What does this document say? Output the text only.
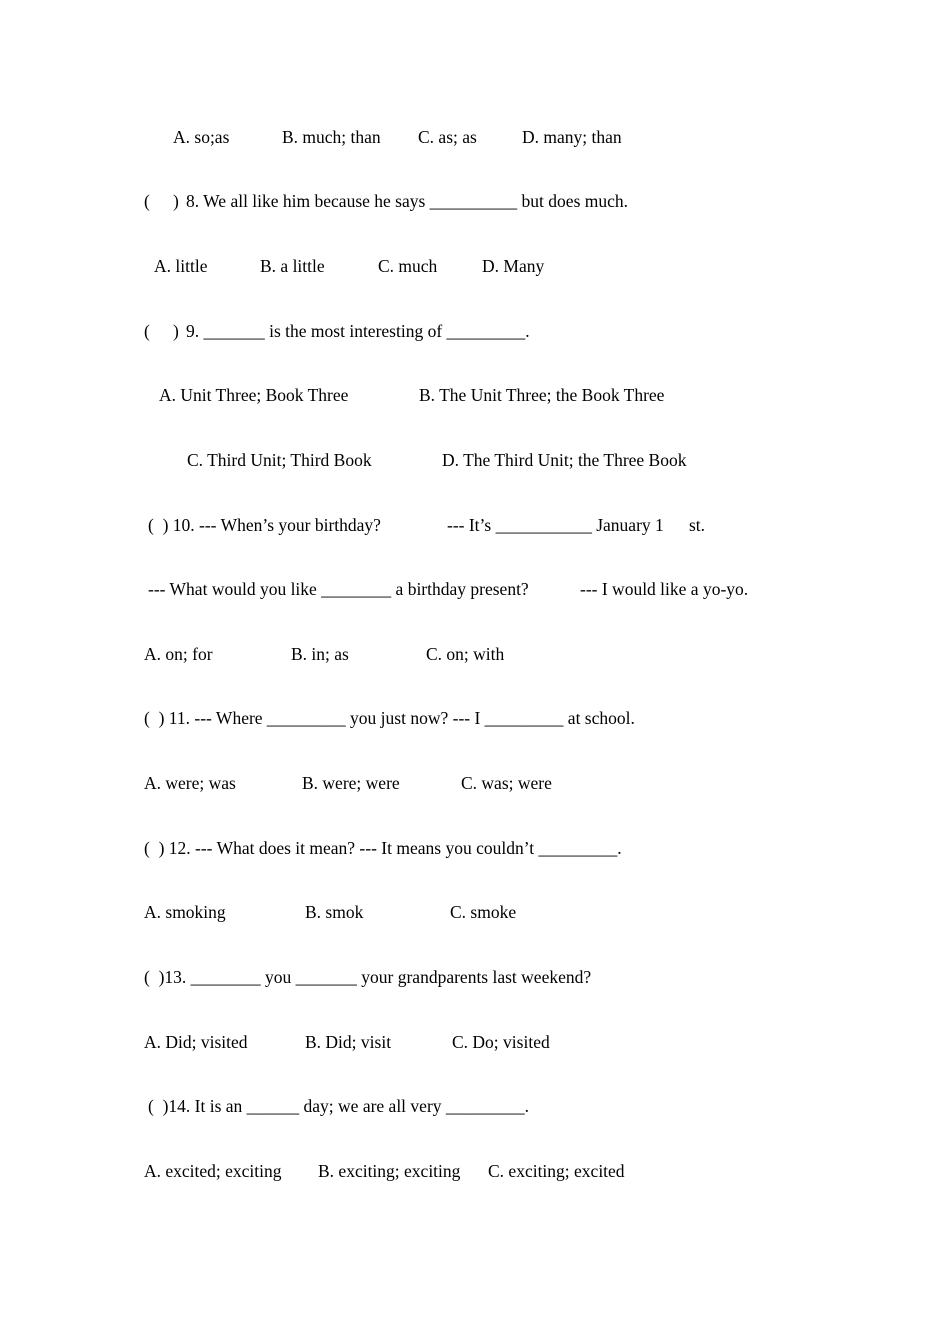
A. so;as

	B. much; than

C. as; as

	D. many; than

(

)

8. We all like him because he says __________ but does much.

A. little

	B. a little

	C. much

	D. Many

(

)

9. _______ is the most interesting of _________.

A. Unit Three; Book Three

	B. The Unit Three; the Book Three

C. Third Unit; Third Book

	D. The Third Unit; the Three Book

(  ) 10. --- When’s your birthday?

	--- It’s ___________ January 1

st.

--- What would you like ________ a birthday present?

	--- I would like a yo-yo.

A. on; for

	B. in; as

	C. on; with

(  ) 11. --- Where _________ you just now? --- I _________ at school.

A. were; was

	B. were; were

	C. was; were

(  ) 12. --- What does it mean? --- It means you couldn’t _________.

A. smoking

	B. smok

	C. smoke

(  )13. ________ you _______ your grandparents last weekend?

A. Did; visited

	B. Did; visit

	C. Do; visited

(  )14. It is an ______ day; we are all very _________.

A. excited; exciting

B. exciting; exciting

C. exciting; excited
